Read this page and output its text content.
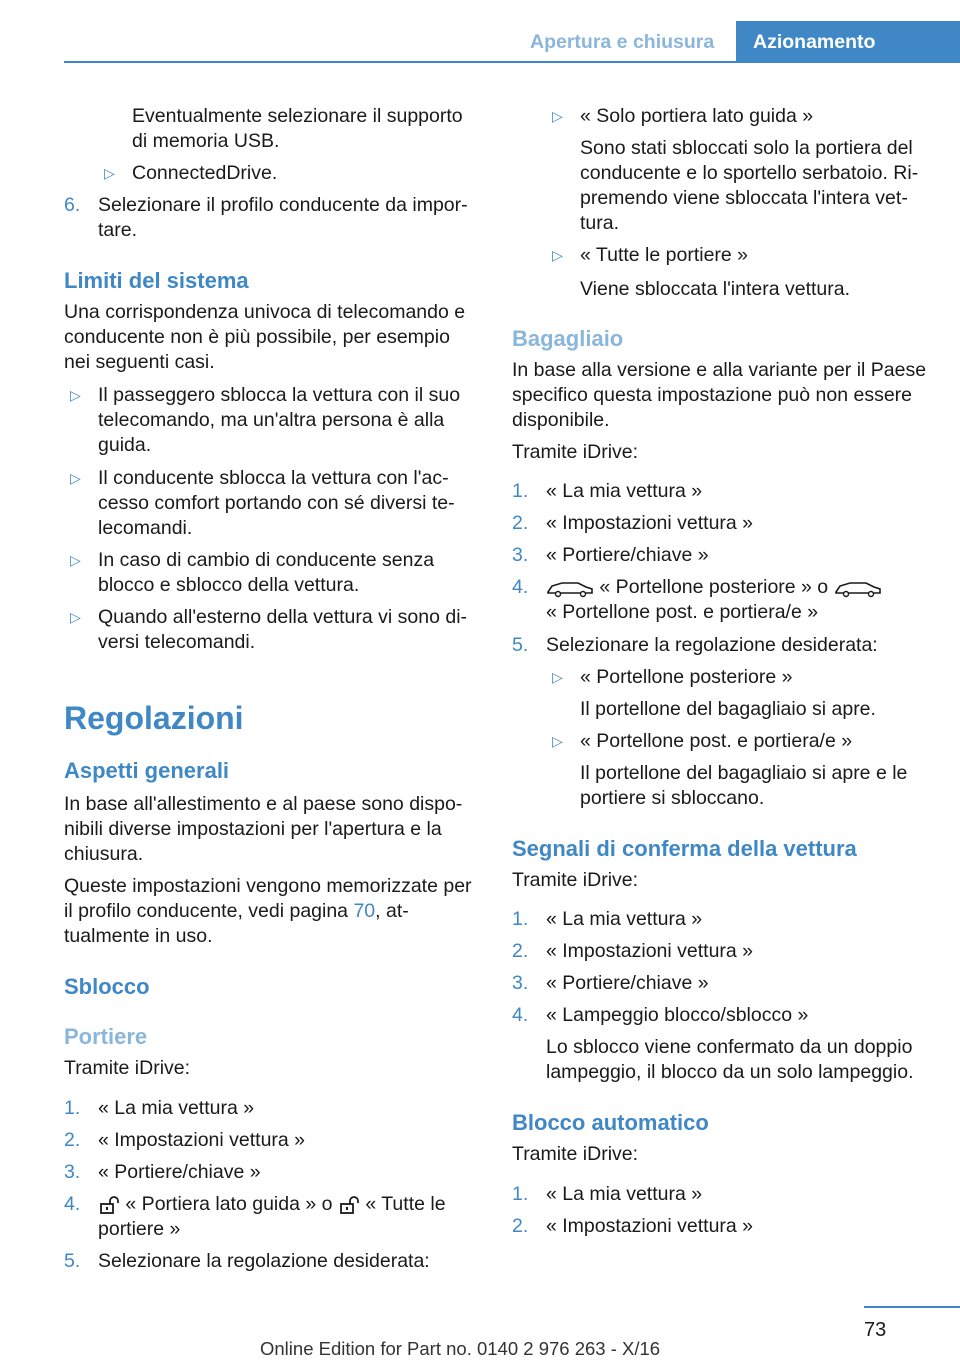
Apertura e chiusura	Azionamento
Eventualmente selezionare il supporto di memoria USB.
▷ ConnectedDrive.
6. Selezionare il profilo conducente da impor-tare.
Limiti del sistema
Una corrispondenza univoca di telecomando e conducente non è più possibile, per esempio nei seguenti casi.
▷ Il passeggero sblocca la vettura con il suo telecomando, ma un'altra persona è alla guida.
▷ Il conducente sblocca la vettura con l'ac-cesso comfort portando con sé diversi te-lecomandi.
▷ In caso di cambio di conducente senza blocco e sblocco della vettura.
▷ Quando all'esterno della vettura vi sono di-versi telecomandi.
Regolazioni
Aspetti generali
In base all'allestimento e al paese sono dispo-nibili diverse impostazioni per l'apertura e la chiusura.
Queste impostazioni vengono memorizzate per il profilo conducente, vedi pagina 70, at-tualmente in uso.
Sblocco
Portiere
Tramite iDrive:
1. « La mia vettura »
2. « Impostazioni vettura »
3. « Portiere/chiave »
4.	« Portiera lato guida » o « Tutte le
portiere »
5. Selezionare la regolazione desiderata:
▷ « Solo portiera lato guida »
Sono stati sbloccati solo la portiera del conducente e lo sportello serbatoio. Ri-premendo viene sbloccata l'intera vet-tura.
▷ « Tutte le portiere »
Viene sbloccata l'intera vettura.
Bagagliaio
In base alla versione e alla variante per il Paese specifico questa impostazione può non essere disponibile.
Tramite iDrive:
1. « La mia vettura »
2. « Impostazioni vettura »
3. « Portiere/chiave »
4.	« Portellone posteriore » o
« Portellone post. e portiera/e »
5. Selezionare la regolazione desiderata:
▷ « Portellone posteriore »
Il portellone del bagagliaio si apre.
▷ « Portellone post. e portiera/e »
Il portellone del bagagliaio si apre e le portiere si sbloccano.
Segnali di conferma della vettura
Tramite iDrive:
1. « La mia vettura »
2. « Impostazioni vettura »
3. « Portiere/chiave »
4. « Lampeggio blocco/sblocco »
Lo sblocco viene confermato da un doppio lampeggio, il blocco da un solo lampeggio.
Blocco automatico
Tramite iDrive:
1. « La mia vettura »
2. « Impostazioni vettura »
73
Online Edition for Part no. 0140 2 976 263 - X/16
